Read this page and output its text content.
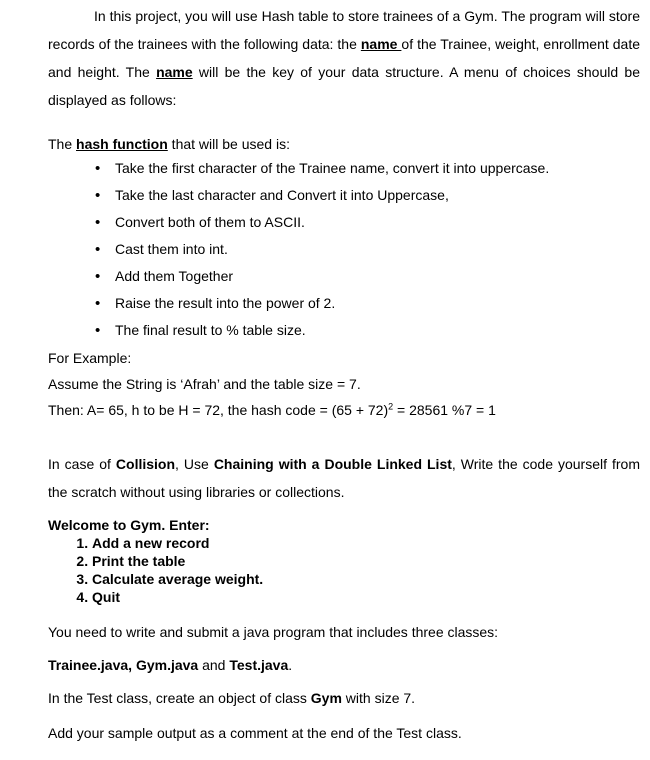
In this project, you will use Hash table to store trainees of a Gym. The program will store records of the trainees with the following data: the name of the Trainee, weight, enrollment date and height. The name will be the key of your data structure. A menu of choices should be displayed as follows:

The hash function that will be used is:

• Take the first character of the Trainee name, convert it into uppercase.
• Take the last character and Convert it into Uppercase,
• Convert both of them to ASCII.
• Cast them into int.
• Add them Together
• Raise the result into the power of 2.
• The final result to % table size.

For Example:

Assume the String is ‘Afrah’ and the table size = 7.

Then: A= 65, h to be H = 72, the hash code = $(65 + 72)^2 = 28561$ %7 = 1

In case of Collision, Use Chaining with a Double Linked List, Write the code yourself from the scratch without using libraries or collections.

Welcome to Gym. Enter:
1. Add a new record
2. Print the table
3. Calculate average weight.
4. Quit

You need to write and submit a java program that includes three classes:

Trainee.java, Gym.java and Test.java.

In the Test class, create an object of class Gym with size 7.

Add your sample output as a comment at the end of the Test class.
